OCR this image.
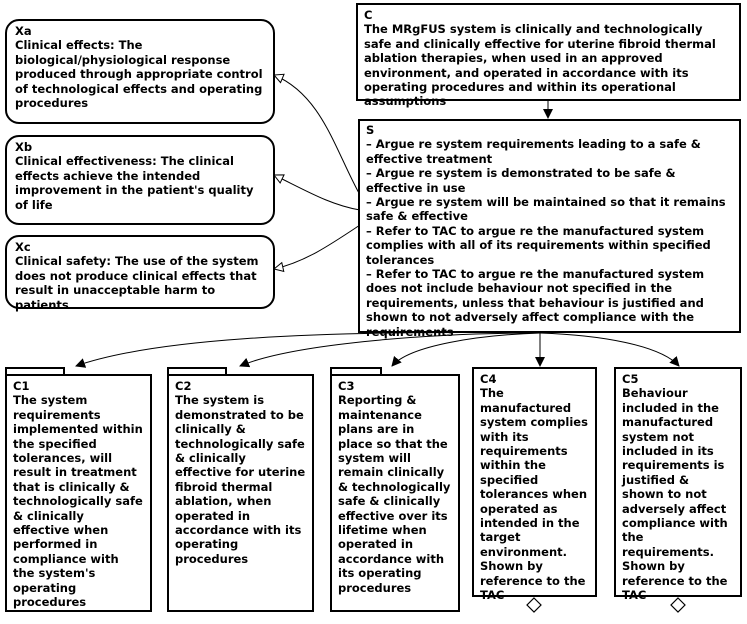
C
The MRgFUS system is clinically and technologically safe and clinically effective for uterine fibroid thermal ablation therapies, when used in an approved environment, and operated in accordance with its operating procedures and within its operational assumptions
S
– Argue re system requirements leading to a safe & effective treatment
– Argue re system is demonstrated to be safe & effective in use
– Argue re system will be maintained so that it remains safe & effective
– Refer to TAC to argue re the manufactured system complies with all of its requirements within specified tolerances
– Refer to TAC to argue re the manufactured system does not include behaviour not specified in the requirements, unless that behaviour is justified and shown to not adversely affect compliance with the requirements
Xa
Clinical effects: The biological/physiological response produced through appropriate control of technological effects and operating procedures
Xb
Clinical effectiveness: The clinical effects achieve the intended improvement in the patient's quality of life
Xc
Clinical safety: The use of the system does not produce clinical effects that result in unacceptable harm to patients
C1
The system requirements implemented within the specified tolerances, will result in treatment that is clinically & technologically safe & clinically effective when performed in compliance with the system's operating procedures
C2
The system is demonstrated to be clinically & technologically safe & clinically effective for uterine fibroid thermal ablation, when operated in accordance with its operating procedures
C3
Reporting & maintenance plans are in place so that the system will remain clinically & technologically safe & clinically effective over its lifetime when operated in accordance with its operating procedures
C4
The manufactured system complies with its requirements within the specified tolerances when operated as intended in the target environment. Shown by reference to the TAC
C5
Behaviour included in the manufactured system not included in its requirements is justified & shown to not adversely affect compliance with the requirements. Shown by reference to the TAC
